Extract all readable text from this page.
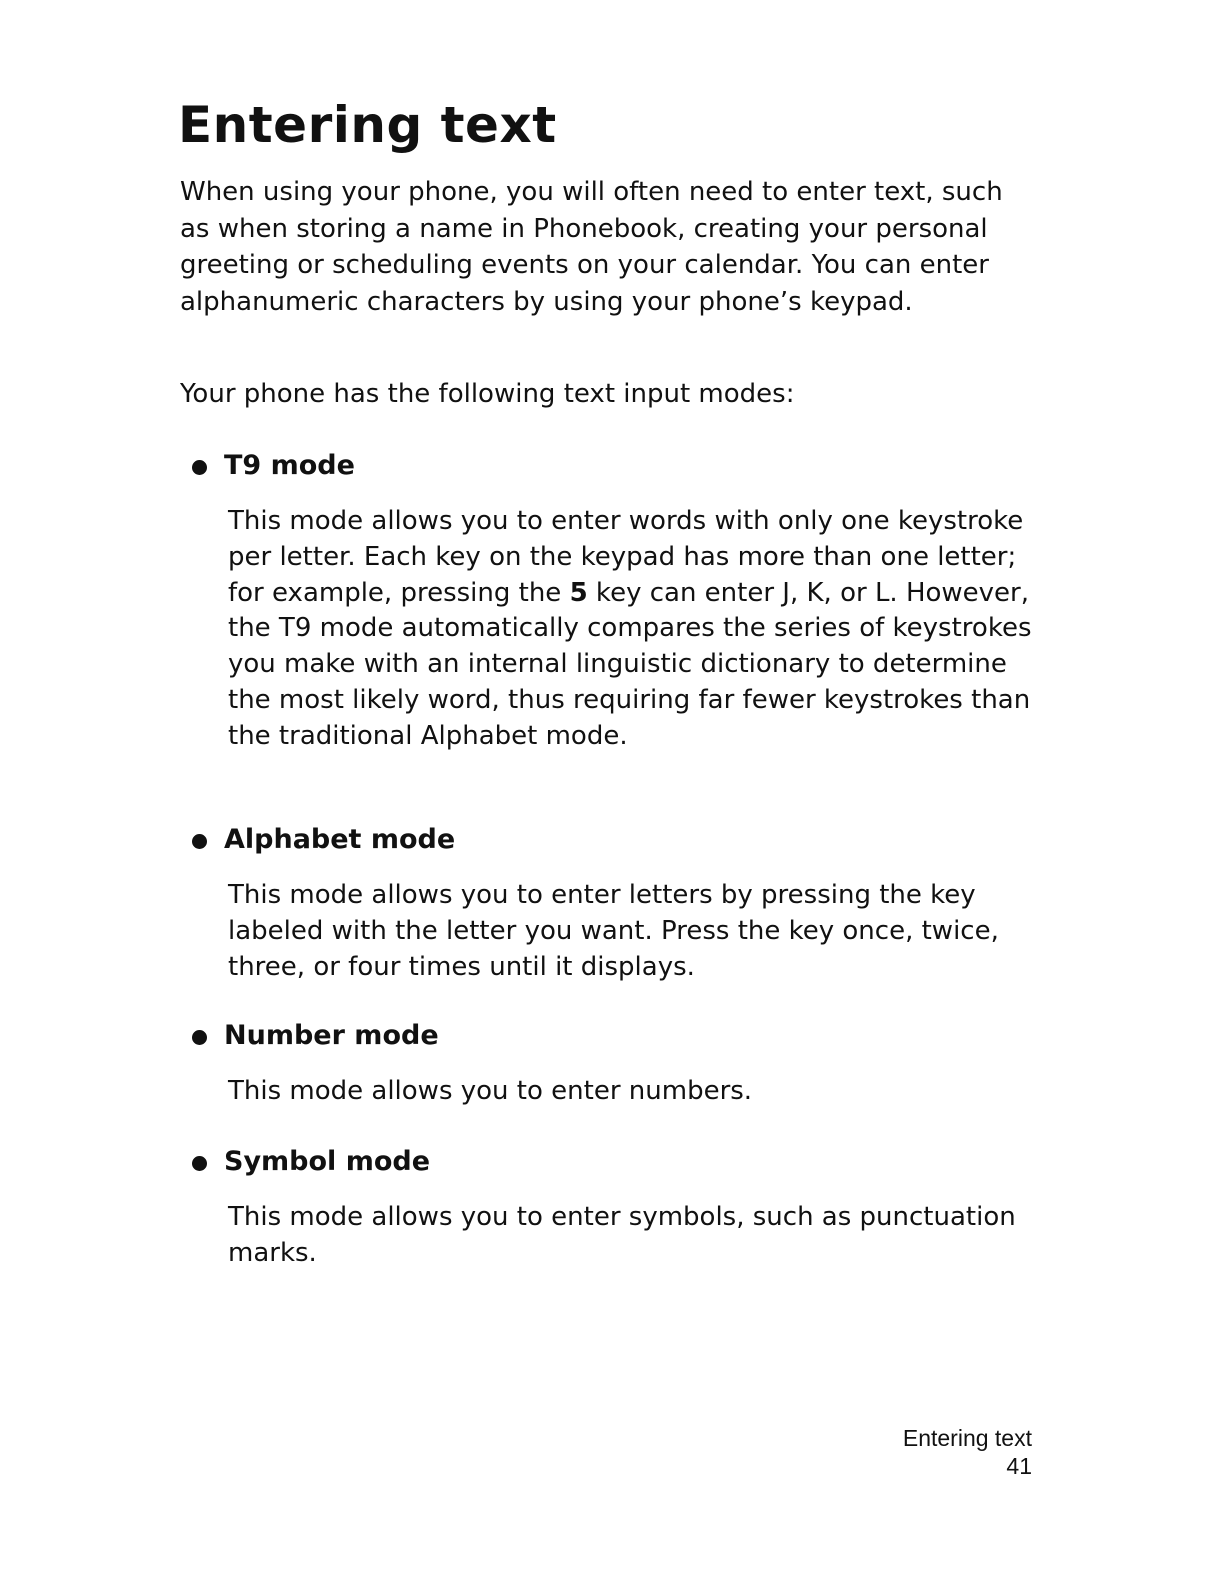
Entering text

When using your phone, you will often need to enter text, such as when storing a name in Phonebook, creating your personal greeting or scheduling events on your calendar. You can enter alphanumeric characters by using your phone’s keypad.

Your phone has the following text input modes:

T9 mode

This mode allows you to enter words with only one keystroke per letter. Each key on the keypad has more than one letter; for example, pressing the 5 key can enter J, K, or L. However, the T9 mode automatically compares the series of keystrokes you make with an internal linguistic dictionary to determine the most likely word, thus requiring far fewer keystrokes than the traditional Alphabet mode.

Alphabet mode

This mode allows you to enter letters by pressing the key labeled with the letter you want. Press the key once, twice, three, or four times until it displays.

Number mode

This mode allows you to enter numbers.

Symbol mode

This mode allows you to enter symbols, such as punctuation marks.

Entering text
41
